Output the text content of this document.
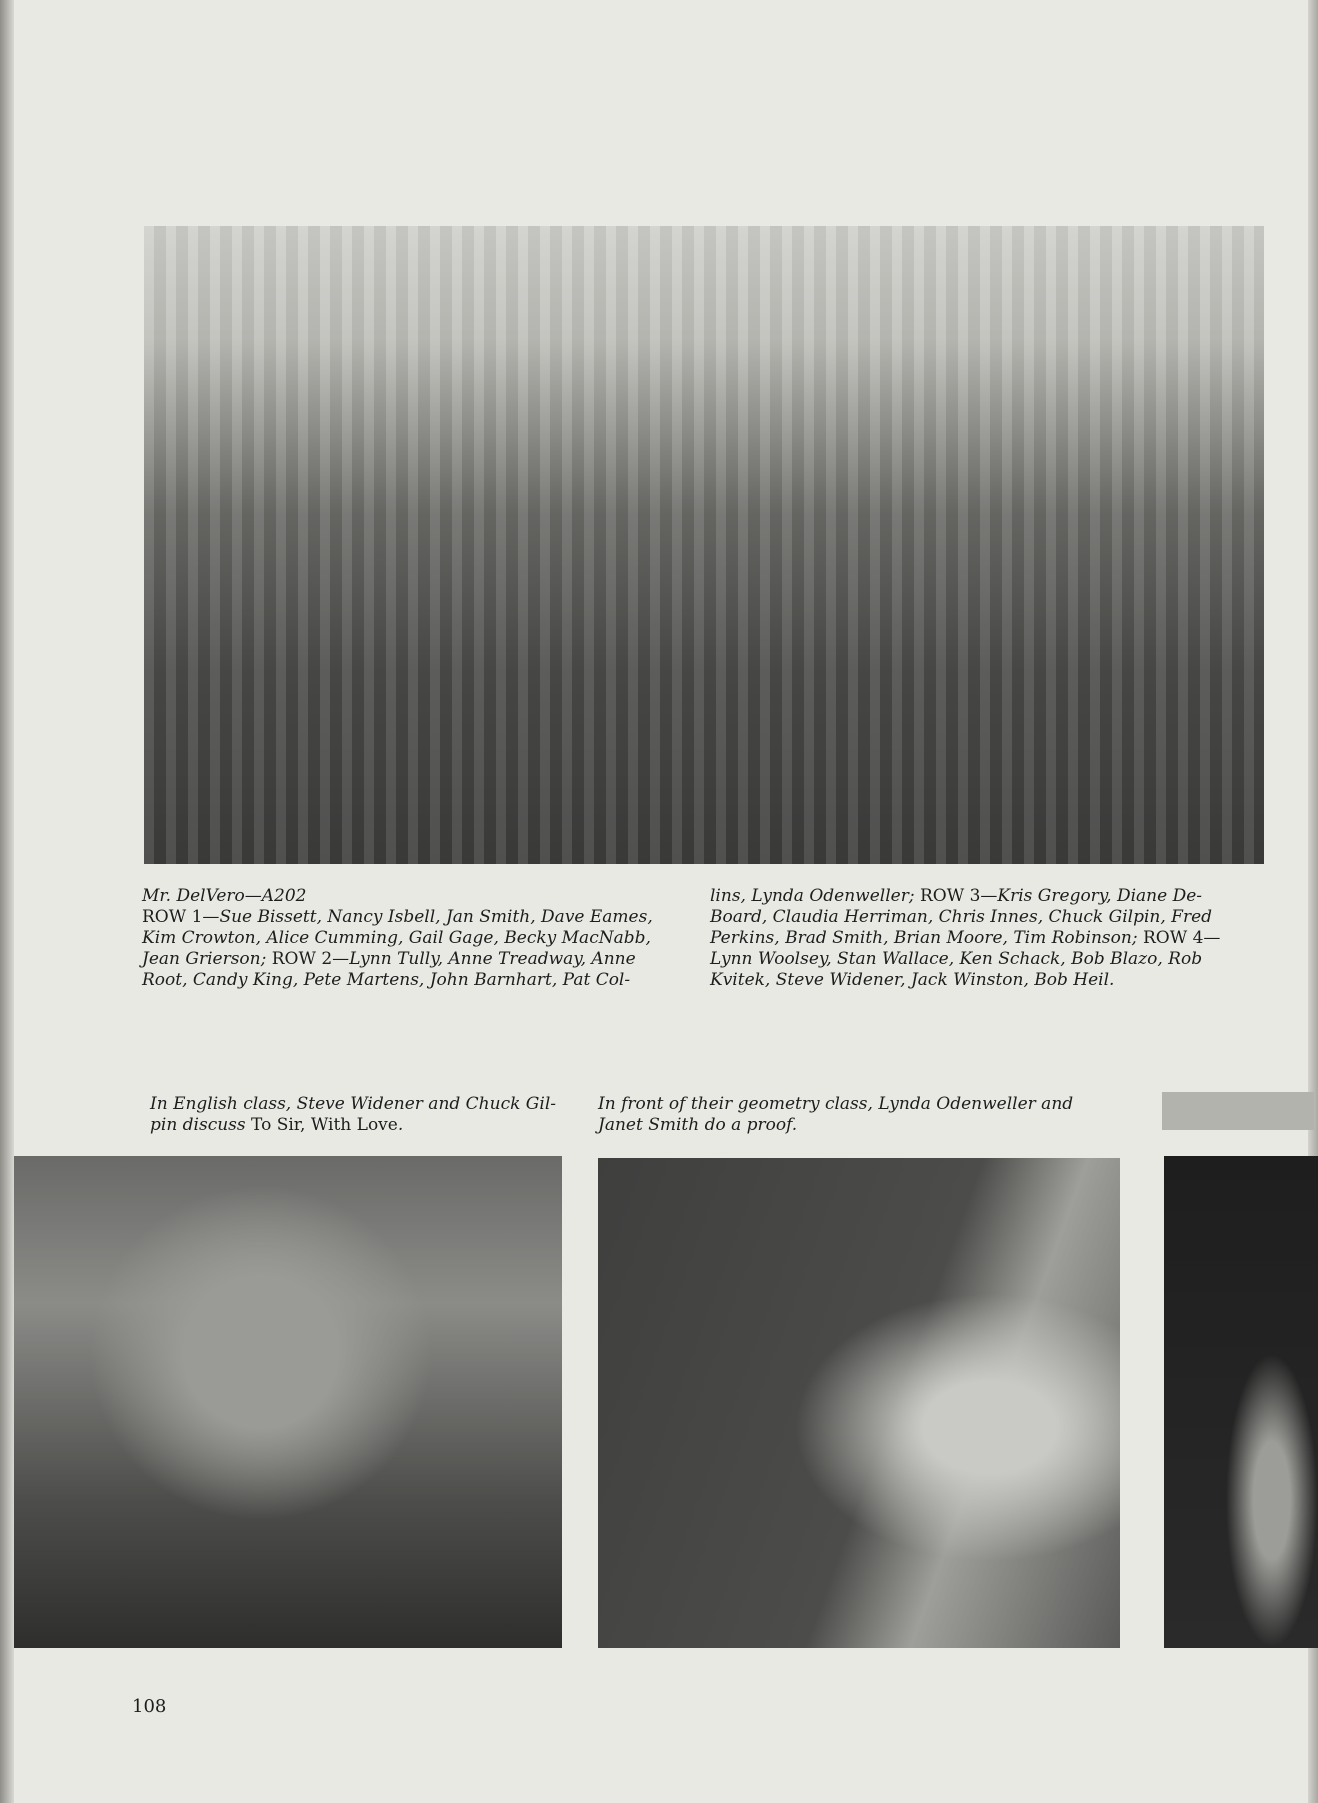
Mr. DelVero—A202
ROW 1—Sue Bissett, Nancy Isbell, Jan Smith, Dave Eames,
Kim Crowton, Alice Cumming, Gail Gage, Becky MacNabb,
Jean Grierson; ROW 2—Lynn Tully, Anne Treadway, Anne
Root, Candy King, Pete Martens, John Barnhart, Pat Col-
lins, Lynda Odenweller; ROW 3—Kris Gregory, Diane De-
Board, Claudia Herriman, Chris Innes, Chuck Gilpin, Fred
Perkins, Brad Smith, Brian Moore, Tim Robinson; ROW 4—
Lynn Woolsey, Stan Wallace, Ken Schack, Bob Blazo, Rob
Kvitek, Steve Widener, Jack Winston, Bob Heil.
In English class, Steve Widener and Chuck Gil-
pin discuss To Sir, With Love.
In front of their geometry class, Lynda Odenweller and
Janet Smith do a proof.
108
